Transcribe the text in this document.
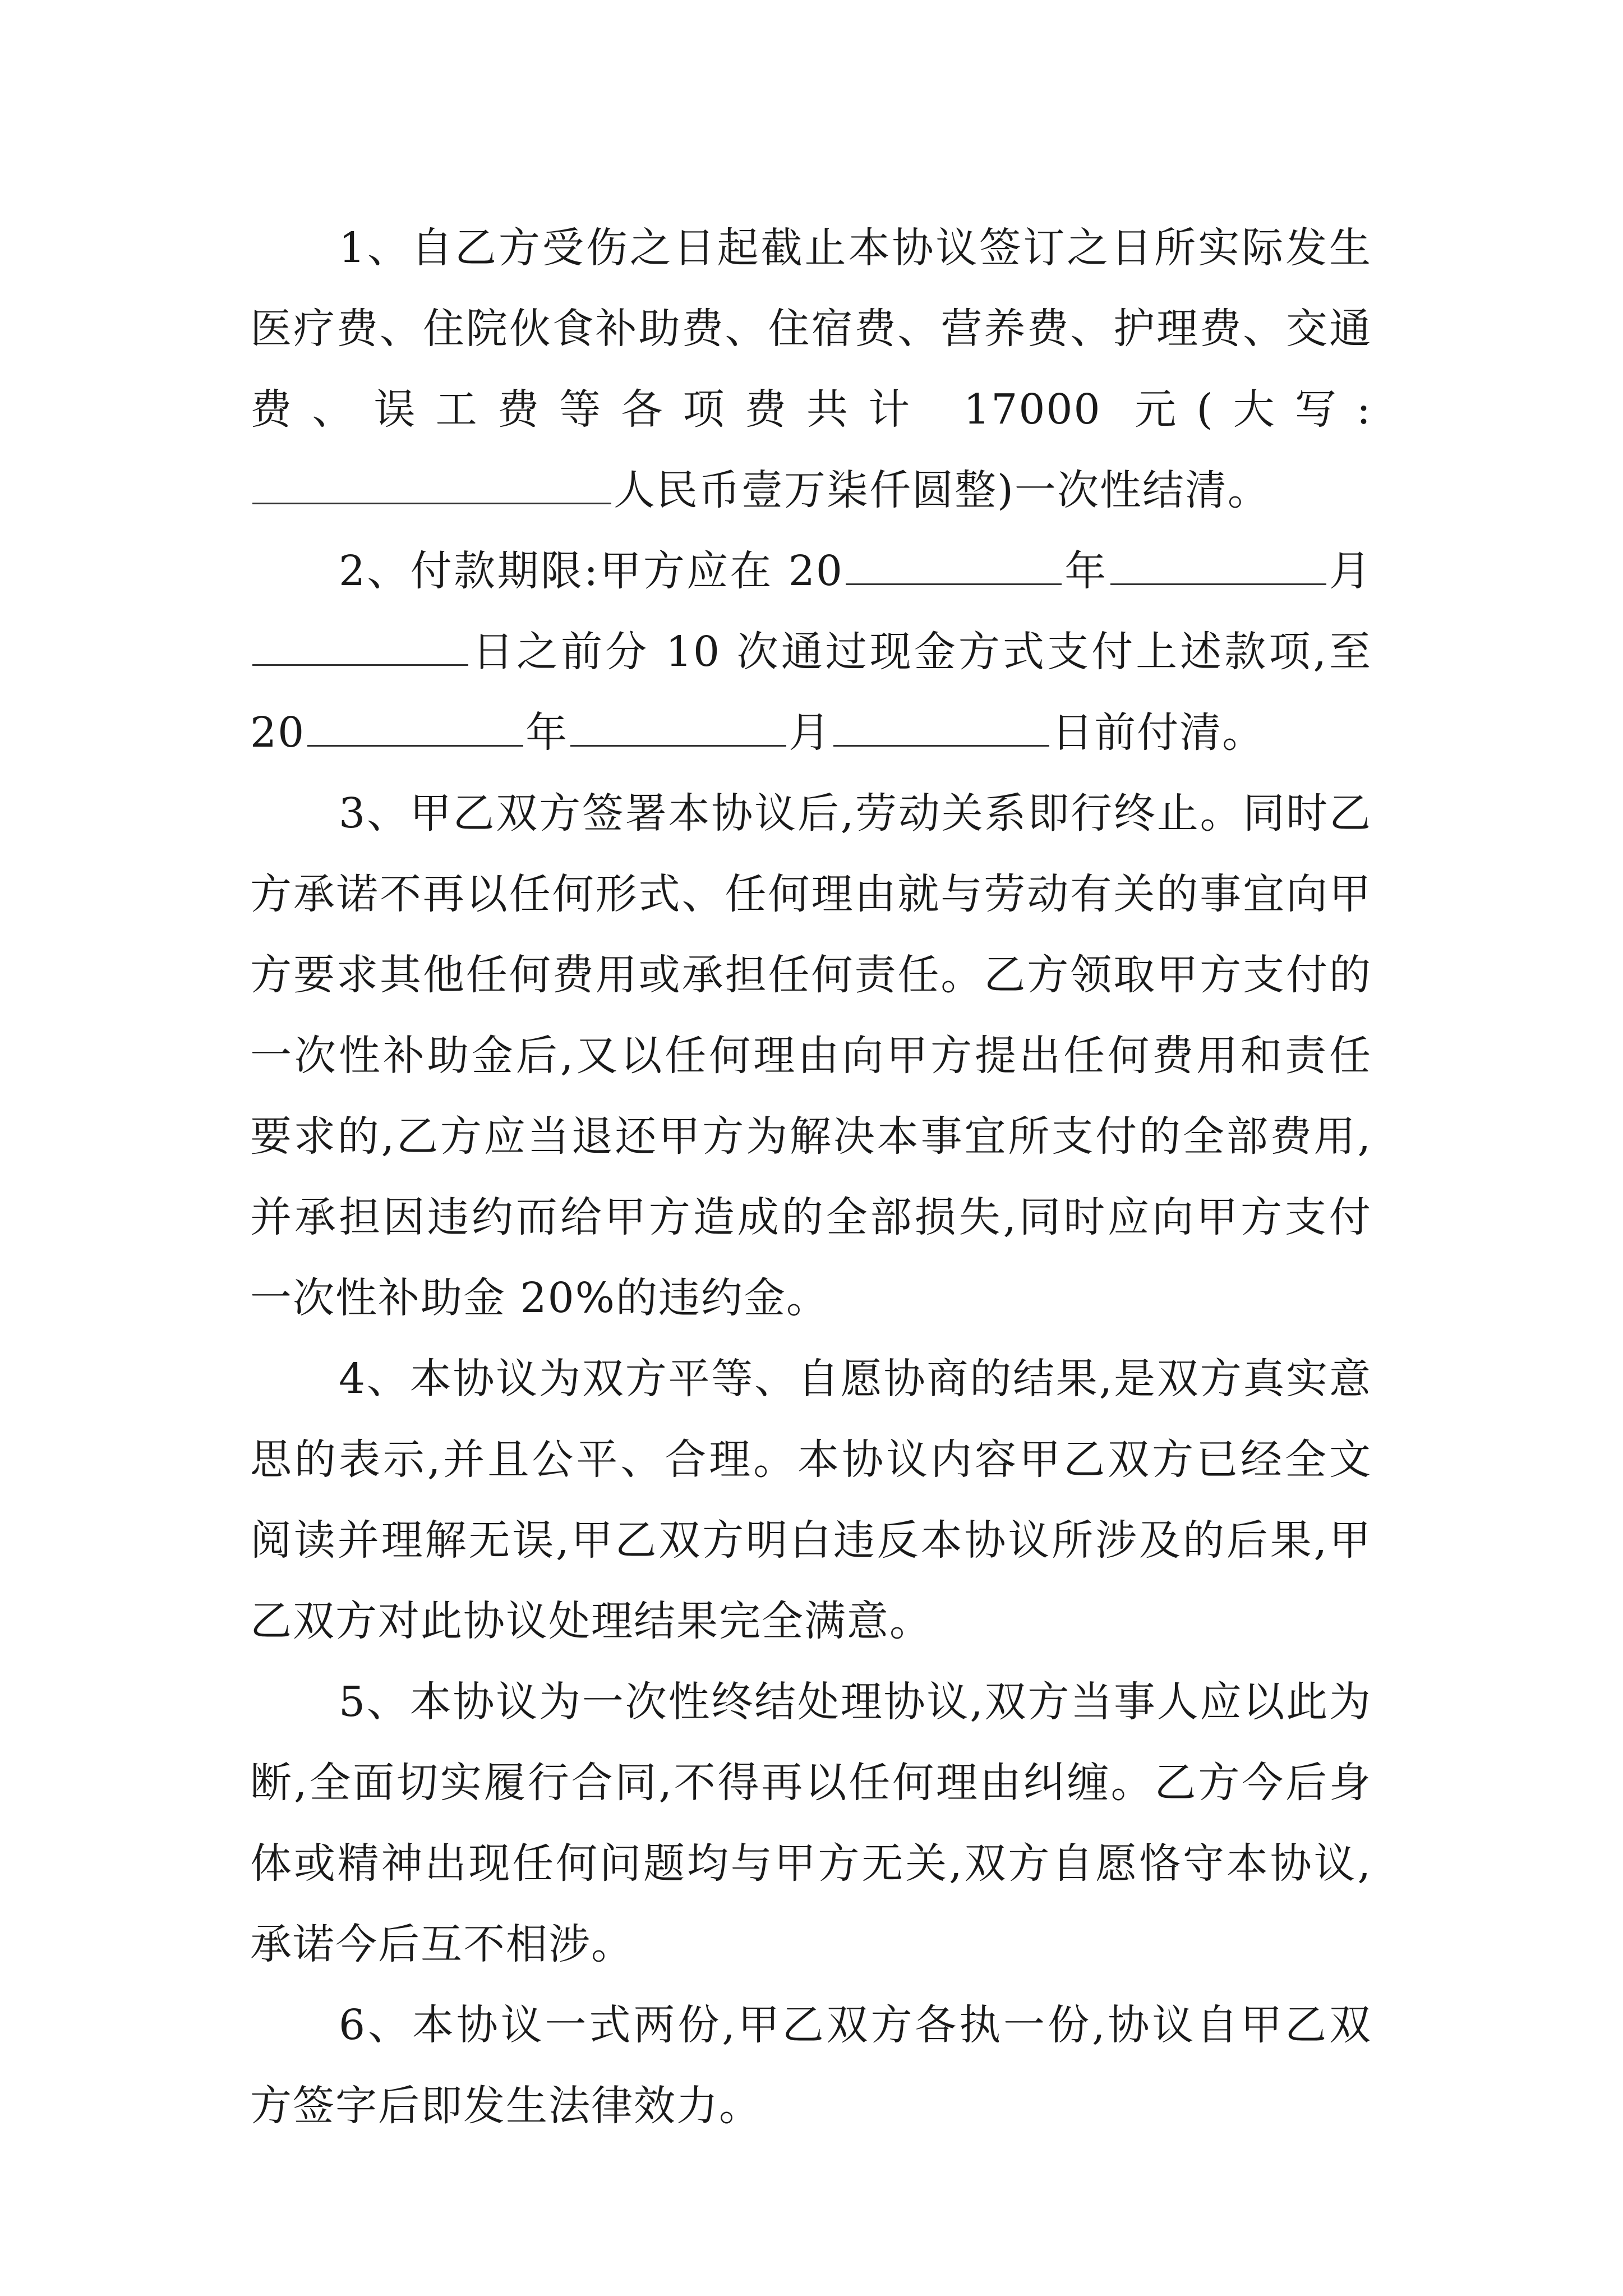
1、自乙方受伤之日起截止本协议签订之日所实际发生医疗费、住院伙食补助费、住宿费、营养费、护理费、交通费、误工费等各项费共计 17000 元(大写:人民币壹万柒仟圆整)一次性结清。

2、付款期限:甲方应在 20	年	月日之前分 10 次通过现金方式支付上述款项,至20	年	月	日前付清。

3、甲乙双方签署本协议后,劳动关系即行终止。同时乙方承诺不再以任何形式、任何理由就与劳动有关的事宜向甲方要求其他任何费用或承担任何责任。乙方领取甲方支付的一次性补助金后,又以任何理由向甲方提出任何费用和责任要求的,乙方应当退还甲方为解决本事宜所支付的全部费用,并承担因违约而给甲方造成的全部损失,同时应向甲方支付一次性补助金 20%的违约金。

4、本协议为双方平等、自愿协商的结果,是双方真实意思的表示,并且公平、合理。本协议内容甲乙双方已经全文阅读并理解无误,甲乙双方明白违反本协议所涉及的后果,甲乙双方对此协议处理结果完全满意。

5、本协议为一次性终结处理协议,双方当事人应以此为断,全面切实履行合同,不得再以任何理由纠缠。乙方今后身体或精神出现任何问题均与甲方无关,双方自愿恪守本协议,承诺今后互不相涉。

6、本协议一式两份,甲乙双方各执一份,协议自甲乙双方签字后即发生法律效力。
